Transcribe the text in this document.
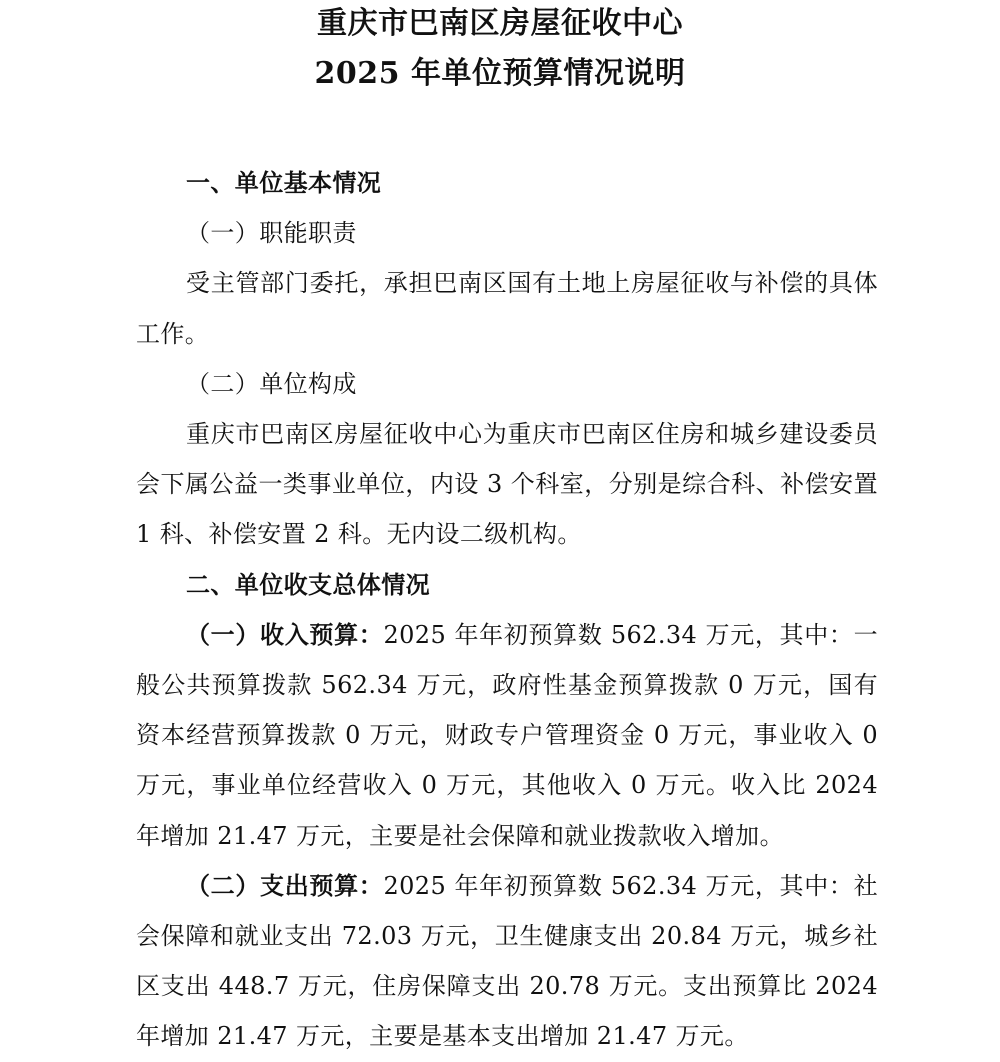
重庆市巴南区房屋征收中心
2025 年单位预算情况说明

一、单位基本情况

（一）职能职责

受主管部门委托，承担巴南区国有土地上房屋征收与补偿的具体工作。

（二）单位构成

重庆市巴南区房屋征收中心为重庆市巴南区住房和城乡建设委员会下属公益一类事业单位，内设 3 个科室，分别是综合科、补偿安置 1 科、补偿安置 2 科。无内设二级机构。

二、单位收支总体情况

（一）收入预算：2025 年年初预算数 562.34 万元，其中：一般公共预算拨款 562.34 万元，政府性基金预算拨款 0 万元，国有资本经营预算拨款 0 万元，财政专户管理资金 0 万元，事业收入 0 万元，事业单位经营收入 0 万元，其他收入 0 万元。收入比 2024 年增加 21.47 万元，主要是社会保障和就业拨款收入增加。

（二）支出预算：2025 年年初预算数 562.34 万元，其中：社会保障和就业支出 72.03 万元，卫生健康支出 20.84 万元，城乡社区支出 448.7 万元，住房保障支出 20.78 万元。支出预算比 2024 年增加 21.47 万元，主要是基本支出增加 21.47 万元。
